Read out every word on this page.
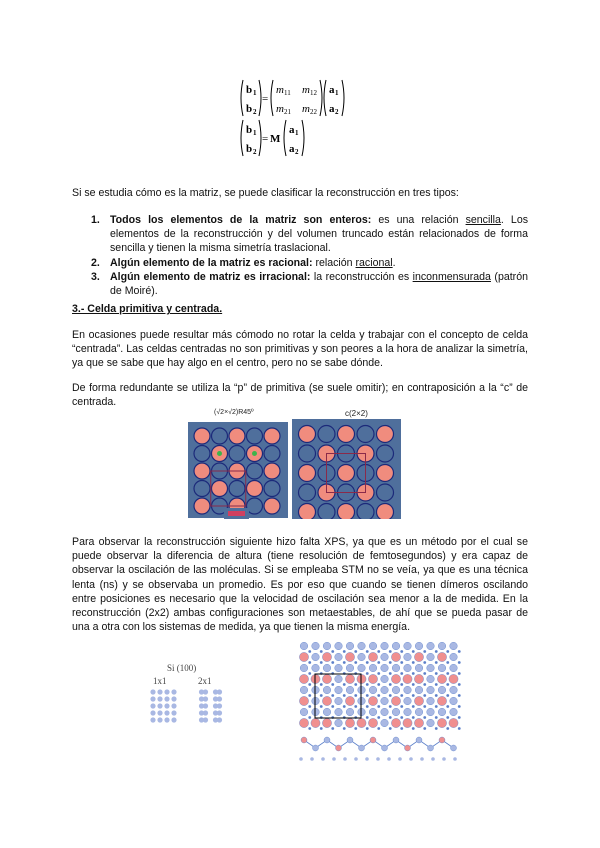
b 1
b 2
=
m 11 m 12
m 21 m 22
a 1
a 2
b 1
b 2
= M
a 1
a 2
Si se estudia cómo es la matriz, se puede clasificar la reconstrucción en tres tipos:
1. Todos los elementos de la matriz son enteros: es una relación sencilla. Los elementos de la reconstrucción y del volumen truncado están relacionados de forma sencilla y tienen la misma simetría traslacional.
2. Algún elemento de la matriz es racional: relación racional.
3. Algún elemento de matriz es irracional: la reconstrucción es inconmensurada (patrón de Moiré).
3.- Celda primitiva y centrada.
En ocasiones puede resultar más cómodo no rotar la celda y trabajar con el concepto de celda “centrada”. Las celdas centradas no son primitivas y son peores a la hora de analizar la simetría, ya que se sabe que hay algo en el centro, pero no se sabe dónde.
De forma redundante se utiliza la “p” de primitiva (se suele omitir); en contraposición a la “c” de centrada.
(√2×√2)R45º	c(2×2)
Para observar la reconstrucción siguiente hizo falta XPS, ya que es un método por el cual se puede observar la diferencia de altura (tiene resolución de femtosegundos) y era capaz de observar la oscilación de las moléculas. Si se empleaba STM no se veía, ya que es una técnica lenta (ns) y se observaba un promedio. Es por eso que cuando se tienen dímeros oscilando entre posiciones es necesario que la velocidad de oscilación sea menor a la de medida. En la reconstrucción (2x2) ambas configuraciones son metaestables, de ahí que se pueda pasar de una a otra con los sistemas de medida, ya que tienen la misma energía.
Si (100)
1x1	2x1
